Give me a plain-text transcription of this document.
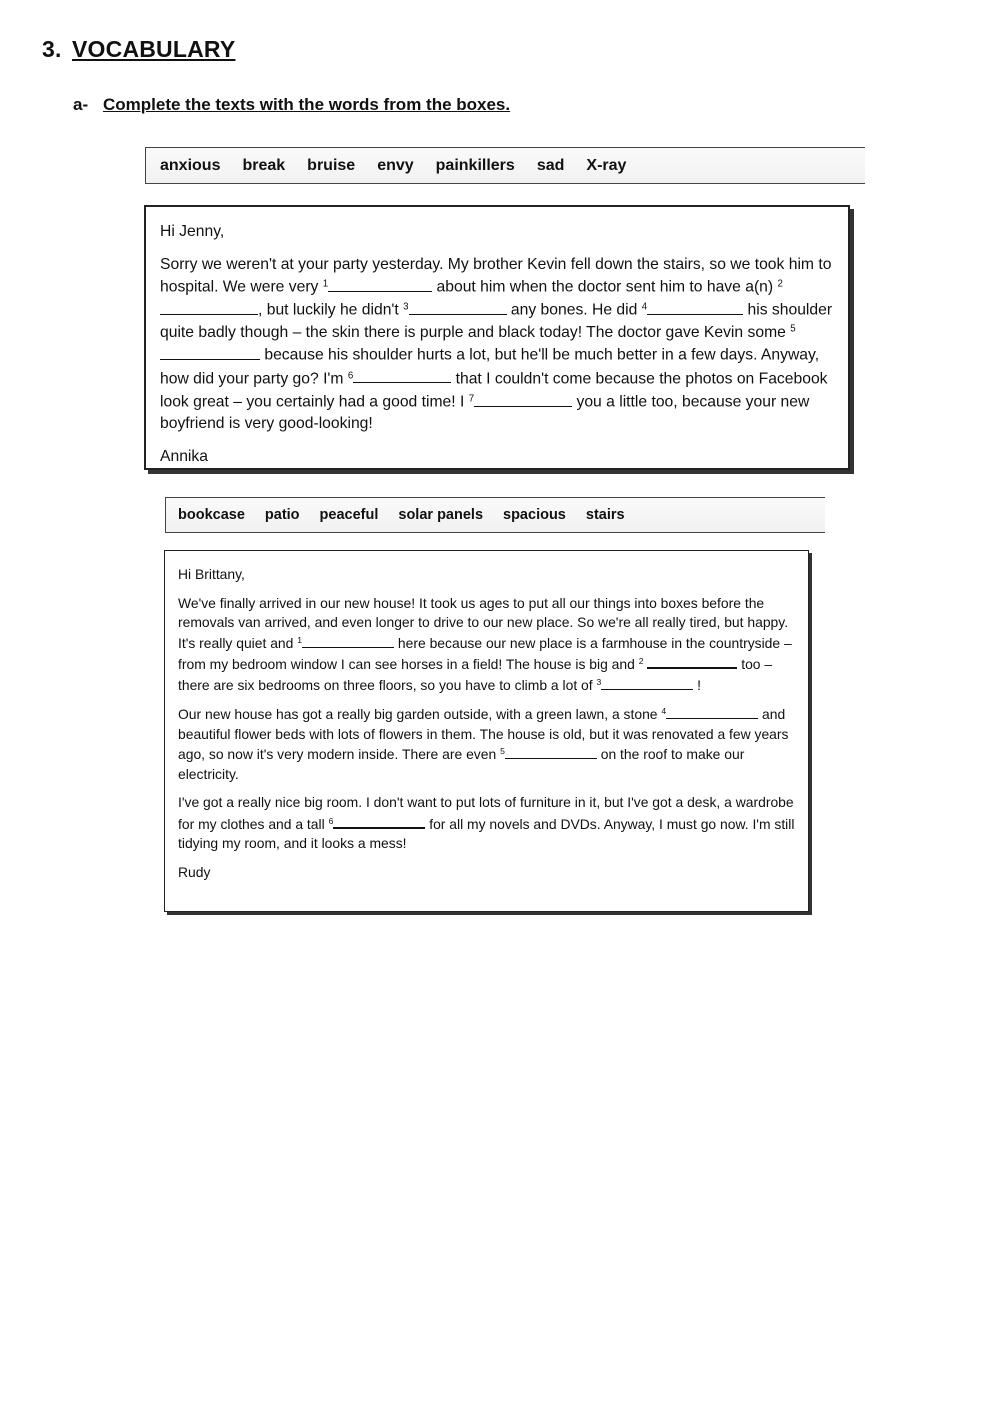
3. VOCABULARY
a- Complete the texts with the words from the boxes.
anxious break bruise envy painkillers sad X-ray

Hi Jenny,

Sorry we weren't at your party yesterday. My brother Kevin fell down the stairs, so we took him to hospital. We were very $^1$	about him when the doctor sent him to have a(n) $^2$, but luckily he didn't $^3$	any bones. He did $^4$	his shoulder quite badly though – the skin there is purple and black today! The doctor gave Kevin some $^5$ because his shoulder hurts a lot, but he'll be much better in a few days. Anyway, how did your party go? I'm $^6$	that I couldn't come because the photos on Facebook look great – you certainly had a good time! I $^7$	you a little too, because your new boyfriend is very good-looking!

Annika

bookcase patio peaceful solar panels spacious stairs

Hi Brittany,

We've finally arrived in our new house! It took us ages to put all our things into boxes before the removals van arrived, and even longer to drive to our new place. So we're all really tired, but happy. It's really quiet and $^1$	here because our new place is a farmhouse in the countryside – from my bedroom window I can see horses in a field! The house is big and $^2$	too – there are six bedrooms on three floors, so you have to climb a lot of $^3$	!

Our new house has got a really big garden outside, with a green lawn, a stone $^4$	and beautiful flower beds with lots of flowers in them. The house is old, but it was renovated a few years ago, so now it's very modern inside. There are even $^5$	on the roof to make our electricity.

I've got a really nice big room. I don't want to put lots of furniture in it, but I've got a desk, a wardrobe for my clothes and a tall $^6$	for all my novels and DVDs. Anyway, I must go now. I'm still tidying my room, and it looks a mess!

Rudy
